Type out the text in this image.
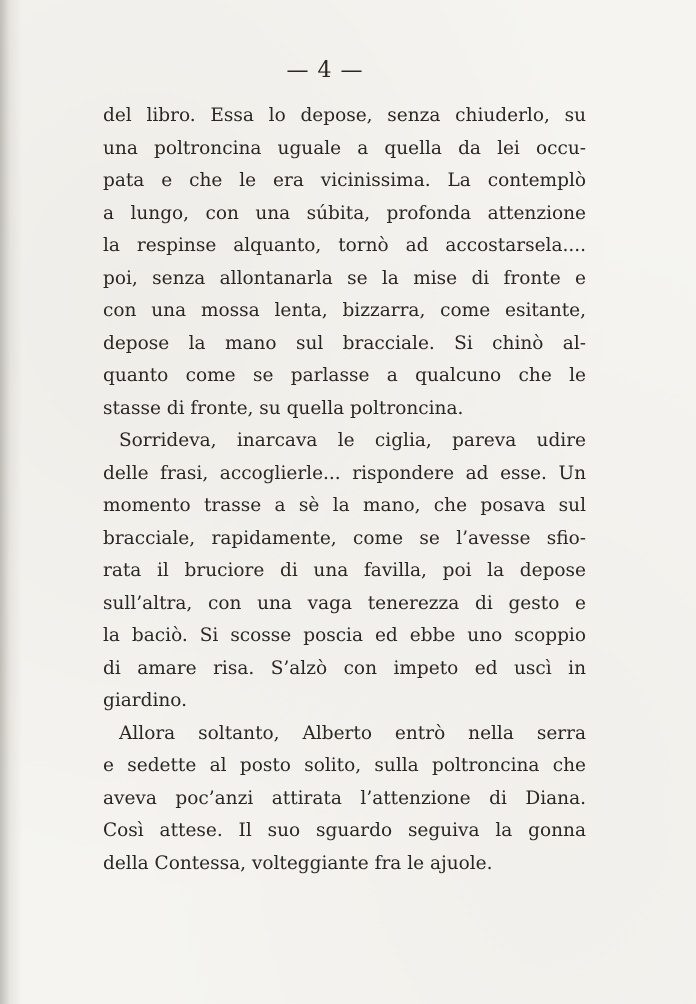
— 4 —
del libro. Essa lo depose, senza chiuderlo, su
una poltroncina uguale a quella da lei occu-
pata e che le era vicinissima. La contemplò
a lungo, con una súbita, profonda attenzione
la respinse alquanto, tornò ad accostarsela....
poi, senza allontanarla se la mise di fronte e
con una mossa lenta, bizzarra, come esitante,
depose la mano sul bracciale. Si chinò al-
quanto come se parlasse a qualcuno che le
stasse di fronte, su quella poltroncina.
Sorrideva, inarcava le ciglia, pareva udire
delle frasi, accoglierle... rispondere ad esse. Un
momento trasse a sè la mano, che posava sul
bracciale, rapidamente, come se l’avesse sfio-
rata il bruciore di una favilla, poi la depose
sull’altra, con una vaga tenerezza di gesto e
la baciò. Si scosse poscia ed ebbe uno scoppio
di amare risa. S’alzò con impeto ed uscì in
giardino.
Allora soltanto, Alberto entrò nella serra
e sedette al posto solito, sulla poltroncina che
aveva poc’anzi attirata l’attenzione di Diana.
Così attese. Il suo sguardo seguiva la gonna
della Contessa, volteggiante fra le ajuole.
